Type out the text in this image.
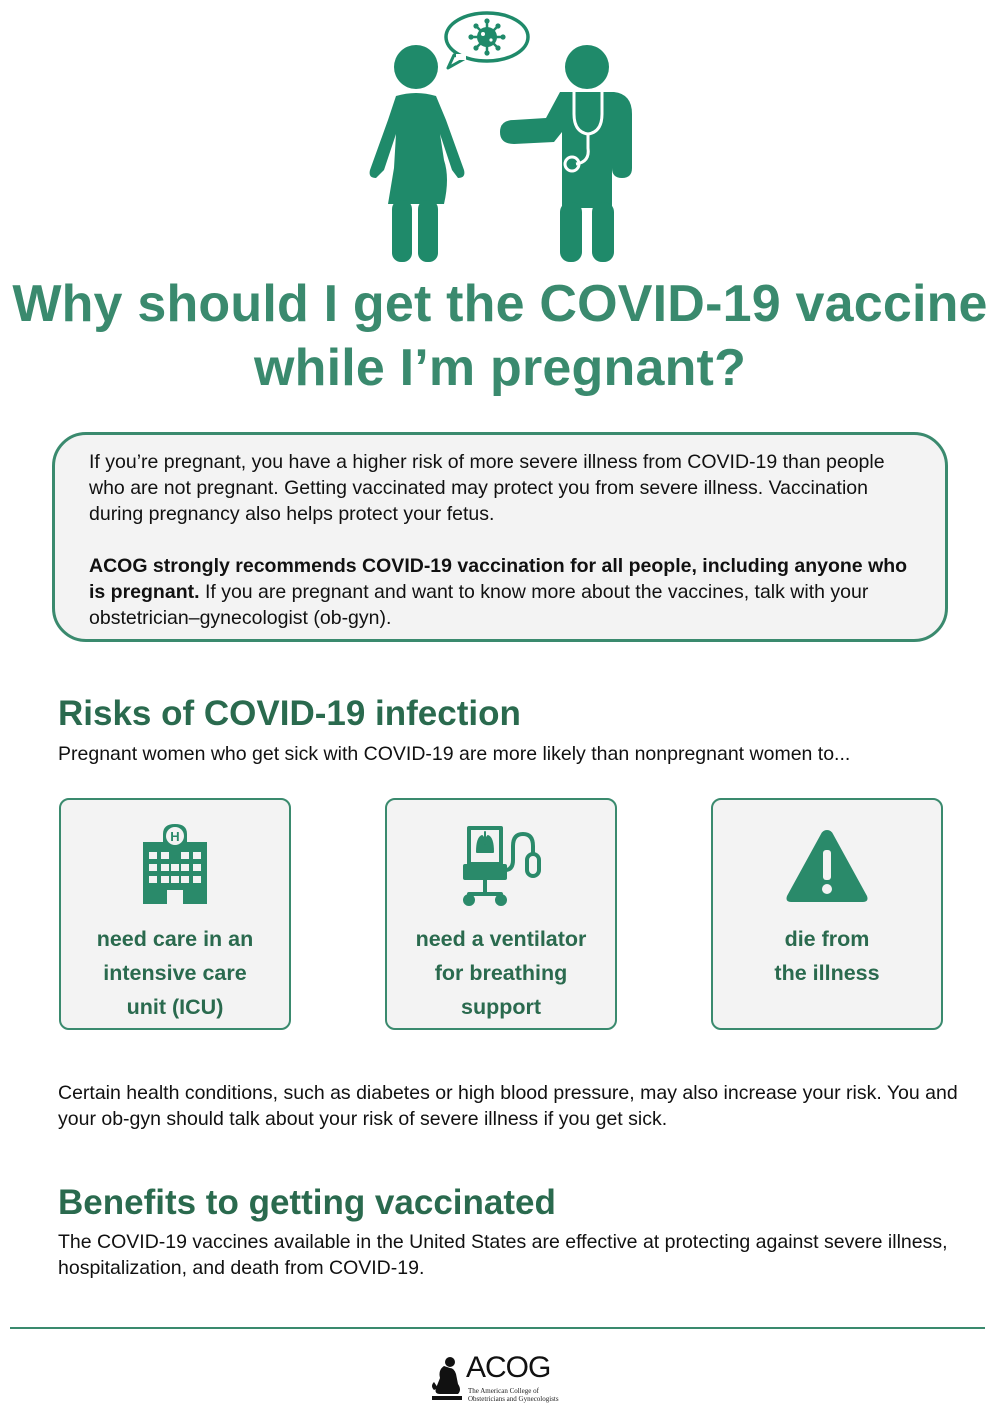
Why should I get the COVID-19 vaccine while I’m pregnant?

If you’re pregnant, you have a higher risk of more severe illness from COVID-19 than people who are not pregnant. Getting vaccinated may protect you from severe illness. Vaccination during pregnancy also helps protect your fetus.

ACOG strongly recommends COVID-19 vaccination for all people, including anyone who is pregnant. If you are pregnant and want to know more about the vaccines, talk with your obstetrician–gynecologist (ob-gyn).

Risks of COVID-19 infection

Pregnant women who get sick with COVID-19 are more likely than nonpregnant women to...

H
need care in an
intensive care
unit (ICU)
need a ventilator
for breathing
support
die from
the illness

Certain health conditions, such as diabetes or high blood pressure, may also increase your risk. You and your ob-gyn should talk about your risk of severe illness if you get sick.

Benefits to getting vaccinated

The COVID-19 vaccines available in the United States are effective at protecting against severe illness, hospitalization, and death from COVID-19.

ACOG
The American College of
Obstetricians and Gynecologists
